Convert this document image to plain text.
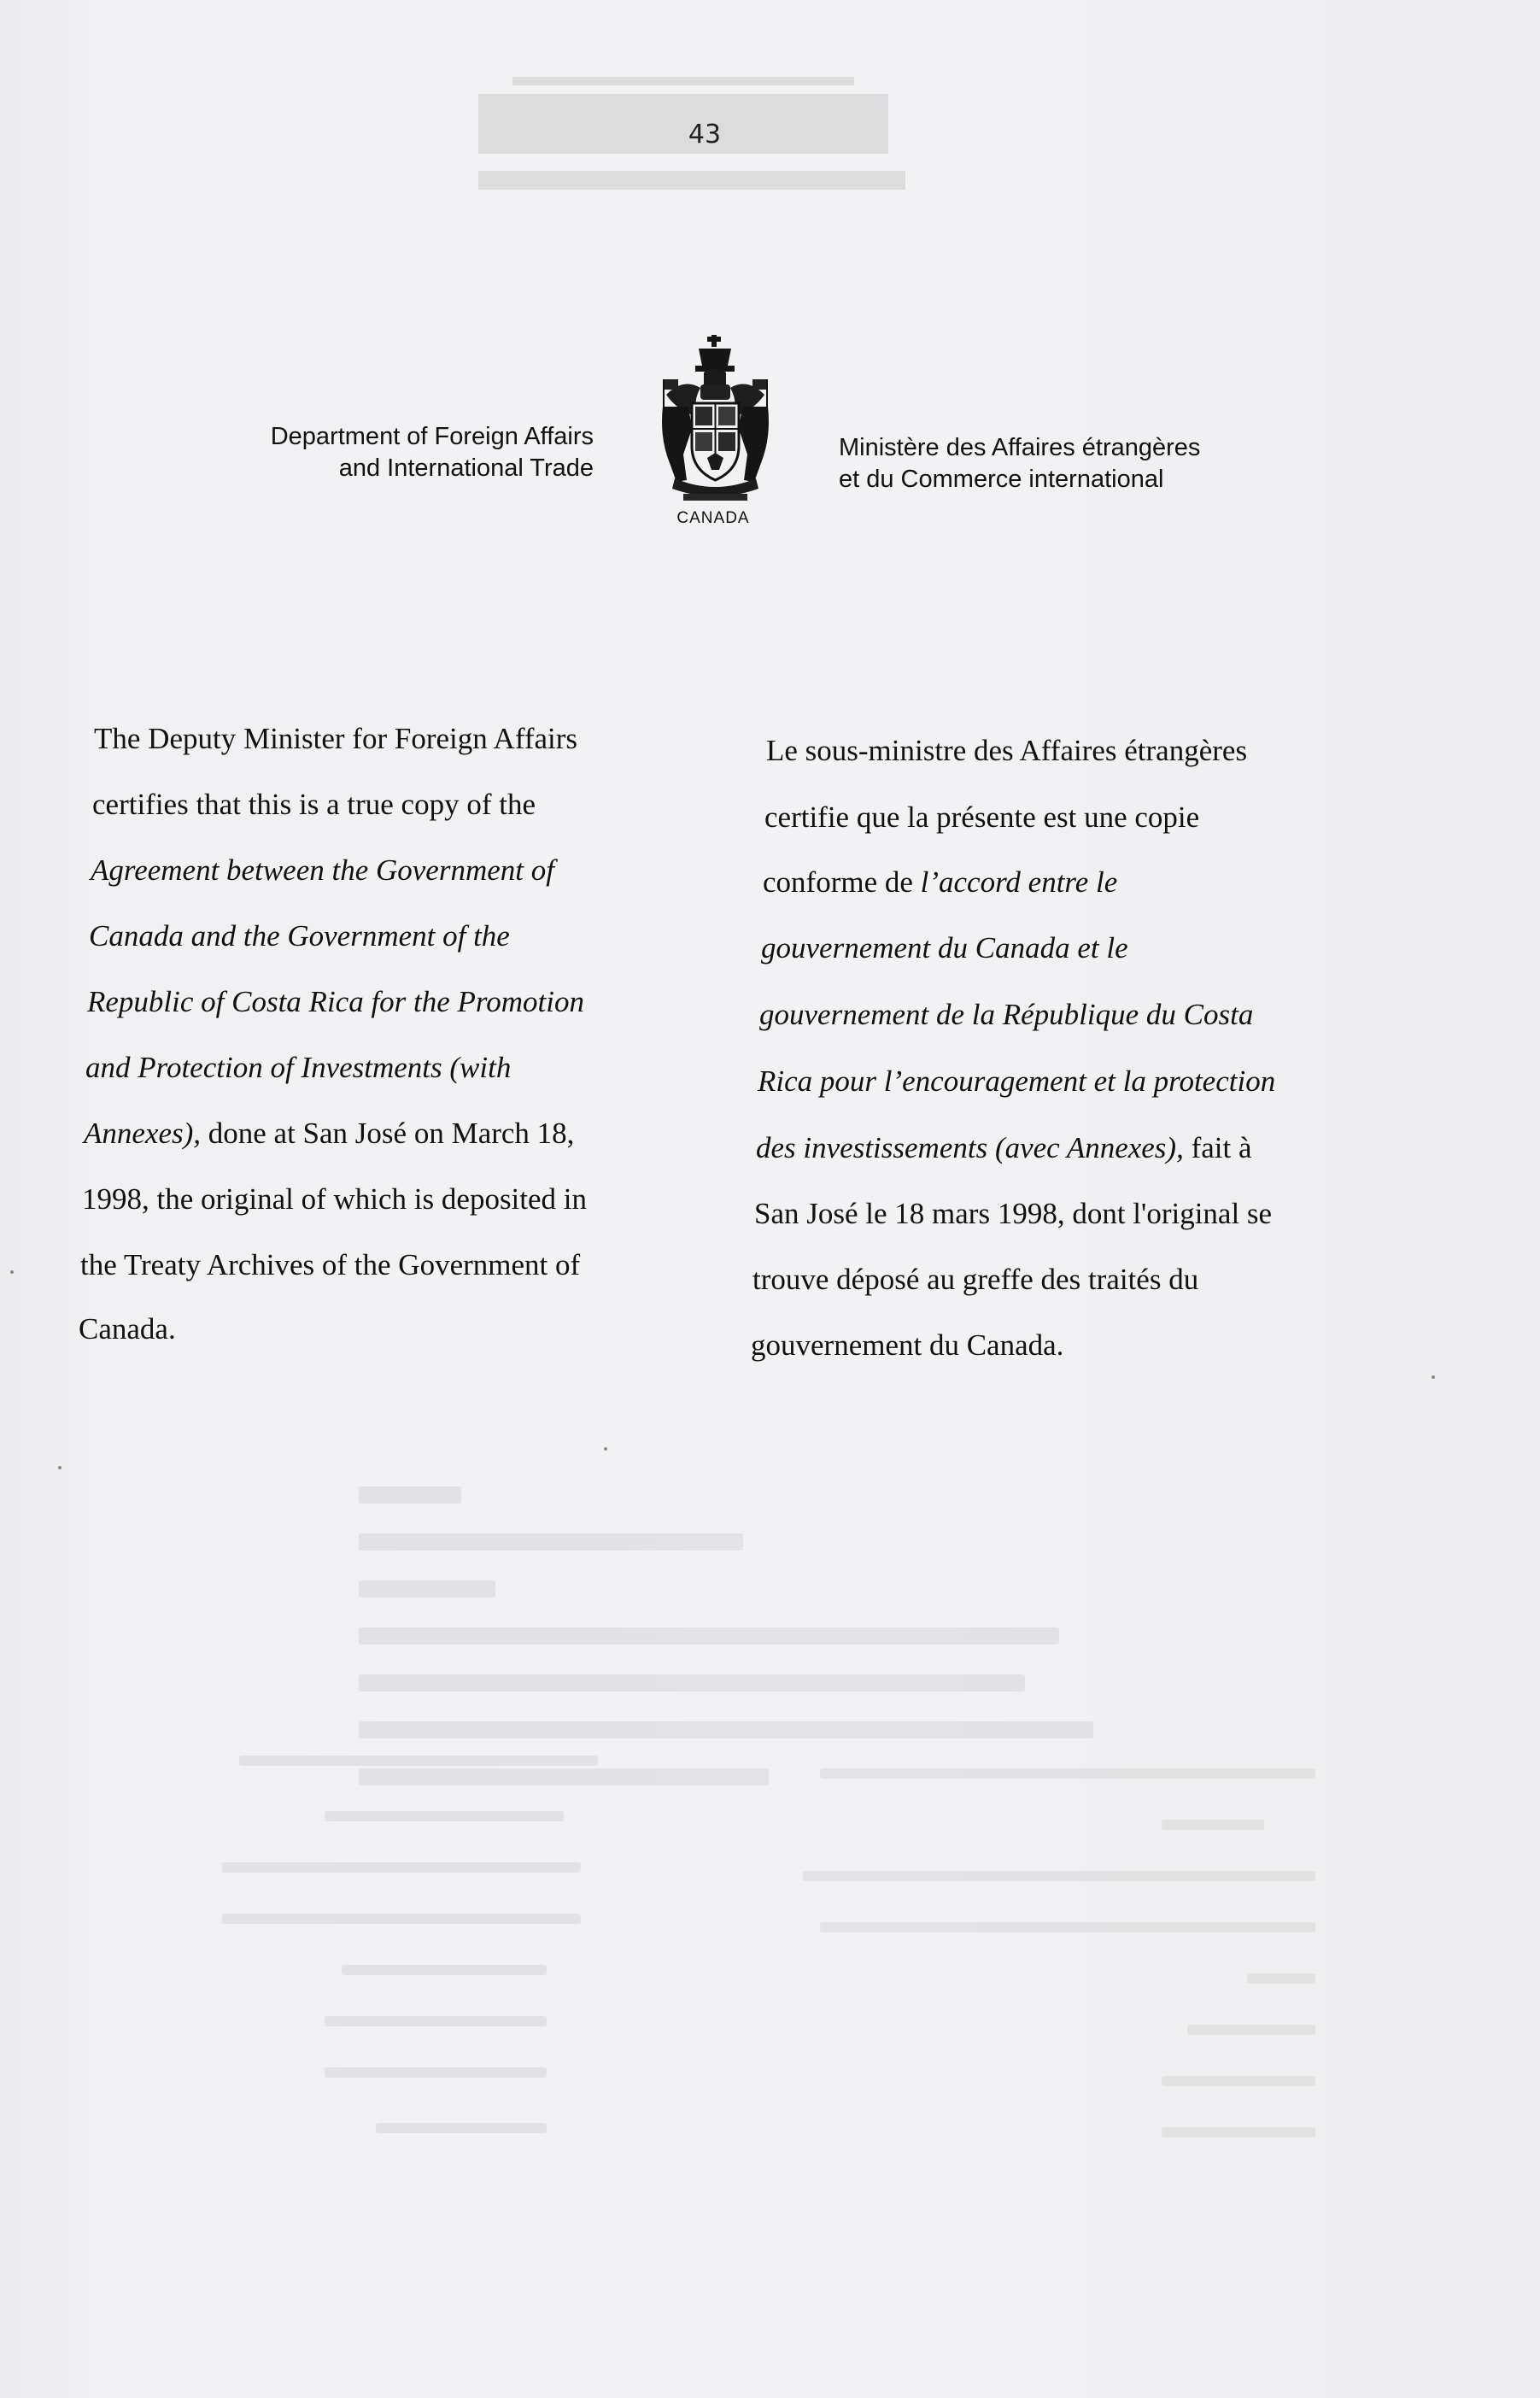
43
Department of Foreign Affairs
and International Trade
CANADA
Ministère des Affaires étrangères
et du Commerce international
The Deputy Minister for Foreign Affairs
certifies that this is a true copy of the
Agreement between the Government of
Canada and the Government of the
Republic of Costa Rica for the Promotion
and Protection of Investments (with
Annexes), done at San José on March 18,
1998, the original of which is deposited in
the Treaty Archives of the Government of
Canada.
Le sous-ministre des Affaires étrangères
certifie que la présente est une copie
conforme de l’accord entre le
gouvernement du Canada et le
gouvernement de la République du Costa
Rica pour l’encouragement et la protection
des investissements (avec Annexes), fait à
San José le 18 mars 1998, dont l'original se
trouve déposé au greffe des traités du
gouvernement du Canada.
